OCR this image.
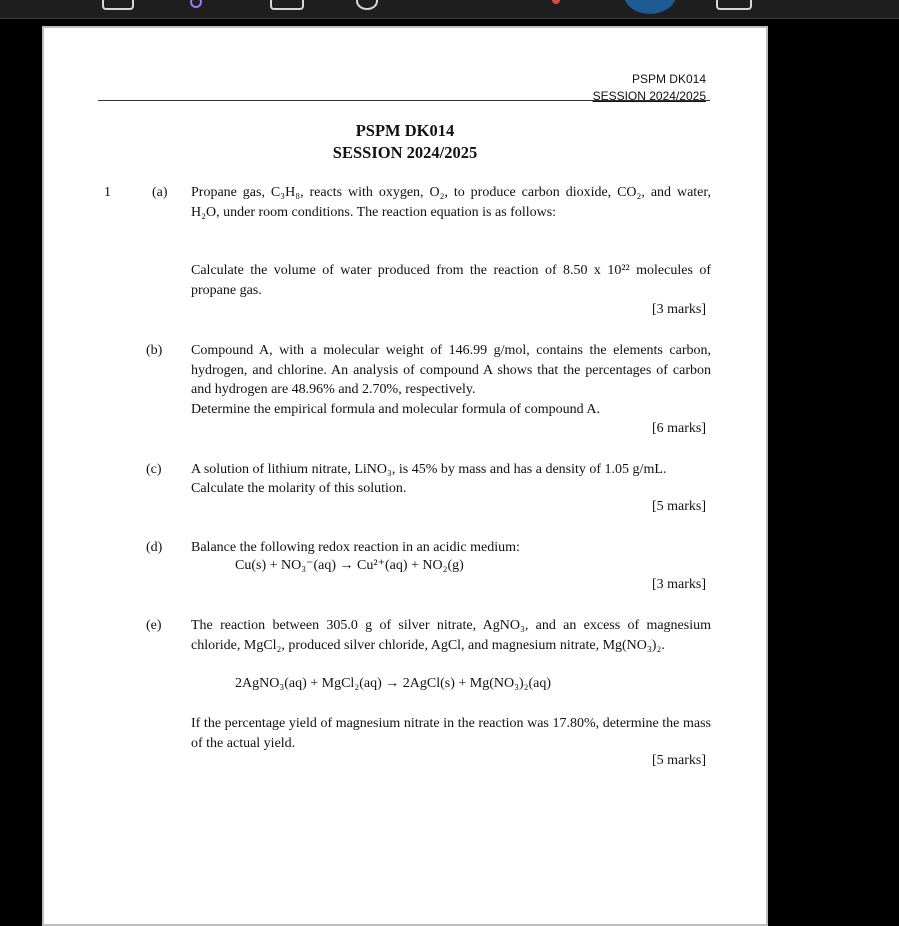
PSPM DK014
SESSION 2024/2025
PSPM DK014
SESSION 2024/2025
1	(a) Propane gas, C₃H₈, reacts with oxygen, O₂, to produce carbon dioxide, CO₂, and water, H₂O, under room conditions. The reaction equation is as follows:
Calculate the volume of water produced from the reaction of 8.50 x 10²² molecules of propane gas.
[3 marks]
(b) Compound A, with a molecular weight of 146.99 g/mol, contains the elements carbon, hydrogen, and chlorine. An analysis of compound A shows that the percentages of carbon and hydrogen are 48.96% and 2.70%, respectively.
Determine the empirical formula and molecular formula of compound A.
[6 marks]
(c) A solution of lithium nitrate, LiNO₃, is 45% by mass and has a density of 1.05 g/mL.
Calculate the molarity of this solution.
[5 marks]
(d) Balance the following redox reaction in an acidic medium:
Cu(s) + NO₃⁻(aq) → Cu²⁺(aq) + NO₂(g)
[3 marks]
(e) The reaction between 305.0 g of silver nitrate, AgNO₃, and an excess of magnesium chloride, MgCl₂, produced silver chloride, AgCl, and magnesium nitrate, Mg(NO₃)₂.
2AgNO₃(aq) + MgCl₂(aq) → 2AgCl(s) + Mg(NO₃)₂(aq)
If the percentage yield of magnesium nitrate in the reaction was 17.80%, determine the mass of the actual yield.
[5 marks]
